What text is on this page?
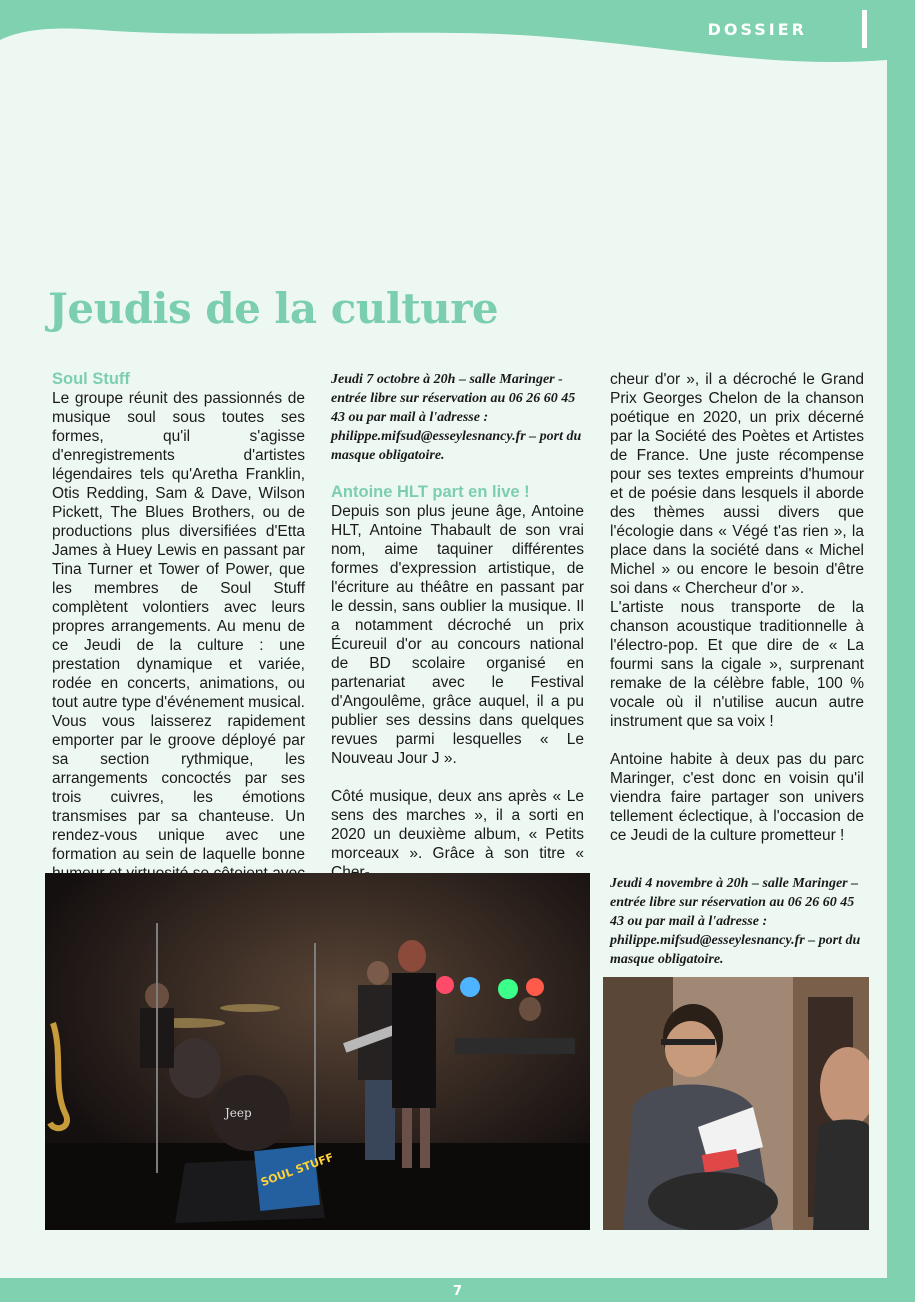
DOSSIER
Jeudis de la culture
Soul Stuff

Le groupe réunit des passionnés de musique soul sous toutes ses formes, qu'il s'agisse d'enregistrements d'artistes légendaires tels qu'Aretha Franklin, Otis Redding, Sam & Dave, Wilson Pickett, The Blues Brothers, ou de productions plus diversifiées d'Etta James à Huey Lewis en passant par Tina Turner et Tower of Power, que les membres de Soul Stuff complètent volontiers avec leurs propres arrangements. Au menu de ce Jeudi de la culture : une prestation dynamique et variée, rodée en concerts, animations, ou tout autre type d'événement musical. Vous vous laisserez rapidement emporter par le groove déployé par sa section rythmique, les arrangements concoctés par ses trois cuivres, les émotions transmises par sa chanteuse. Un rendez-vous unique avec une formation au sein de laquelle bonne

Jeudi 7 octobre à 20h – salle Maringer - entrée libre sur réservation au 06 26 60 45 43 ou par mail à l'adresse : philippe.mifsud@esseylesnancy.fr – port du masque obligatoire.

Antoine HLT part en live !

Depuis son plus jeune âge, Antoine HLT, Antoine Thabault de son vrai nom, aime taquiner différentes formes d'expression artistique, de l'écriture au théâtre en passant par le dessin, sans oublier la musique. Il a notamment décroché un prix Écureuil d'or au concours national de BD scolaire organisé en partenariat avec le Festival d'Angoulême, grâce auquel, il a pu publier ses dessins dans quelques revues parmi lesquelles « Le Nouveau Jour J ».

Côté musique, deux ans après « Le sens des marches », il a sorti en 2020 un deuxième album, « Petits morceaux ». Grâce à son titre «

cheur d'or », il a décroché le Grand Prix Georges Chelon de la chanson poétique en 2020, un prix décerné par la Société des Poètes et Artistes de France. Une juste récompense pour ses textes empreints d'humour et de poésie dans lesquels il aborde des thèmes aussi divers que l'écologie dans « Végé t'as rien », la place dans la société dans « Michel Michel » ou encore le besoin d'être soi dans « Chercheur d'or ».

L'artiste nous transporte de la chanson acoustique traditionnelle à l'électro-pop. Et que dire de « La fourmi sans la cigale », surprenant remake de la célèbre fable, 100 % vocale où il n'utilise aucun autre instrument que sa voix !

Antoine habite à deux pas du parc Maringer, c'est donc en voisin qu'il viendra faire partager son univers tellement éclectique, à l'occasion de ce Jeudi de la culture prometteur !

Jeudi 4 novembre à 20h – salle Maringer – entrée libre sur réservation au 06 26 60 45 43 ou par mail à l'adresse : philippe.mifsud@esseylesnancy.fr – port du masque obligatoire.

Jeep
SOUL STUFF
7
